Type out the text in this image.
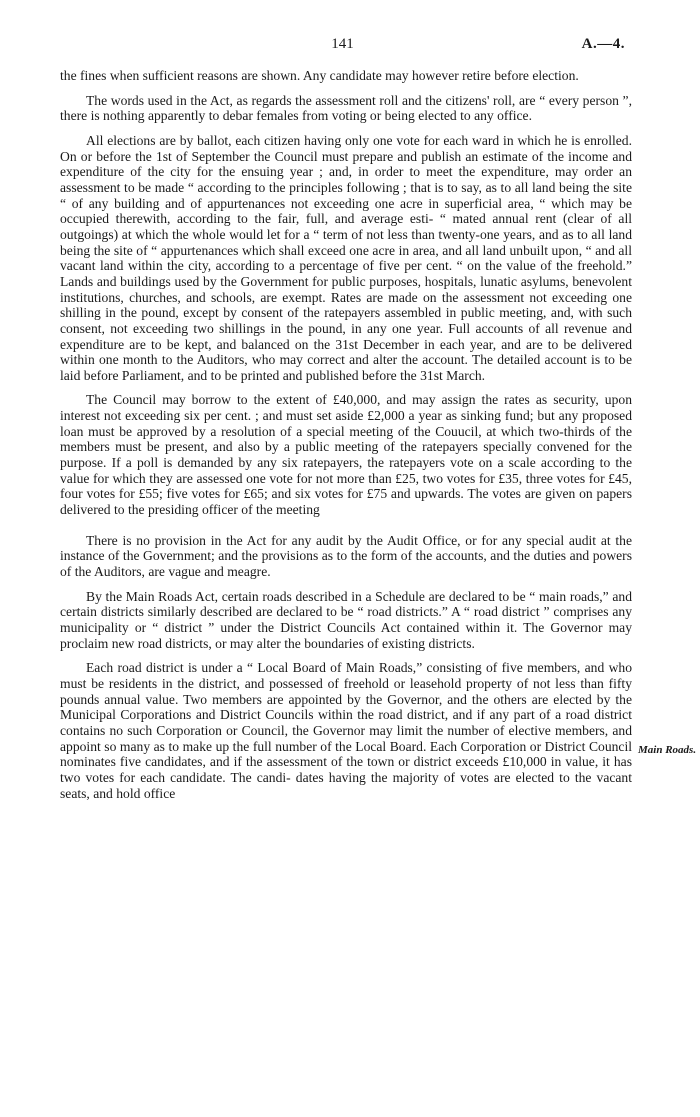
141	A.—4.

the fines when sufficient reasons are shown. Any candidate may however retire before election.

The words used in the Act, as regards the assessment roll and the citizens' roll, are “ every person ”, there is nothing apparently to debar females from voting or being elected to any office.

All elections are by ballot, each citizen having only one vote for each ward in which he is enrolled. On or before the 1st of September the Council must prepare and publish an estimate of the income and expenditure of the city for the ensuing year ; and, in order to meet the expenditure, may order an assessment to be made “ according to the principles following ; that is to say, as to all land being the site “ of any building and of appurtenances not exceeding one acre in superficial area, “ which may be occupied therewith, according to the fair, full, and average esti- “ mated annual rent (clear of all outgoings) at which the whole would let for a “ term of not less than twenty-one years, and as to all land being the site of “ appurtenances which shall exceed one acre in area, and all land unbuilt upon, “ and all vacant land within the city, according to a percentage of five per cent. “ on the value of the freehold.” Lands and buildings used by the Government for public purposes, hospitals, lunatic asylums, benevolent institutions, churches, and schools, are exempt. Rates are made on the assessment not exceeding one shilling in the pound, except by consent of the ratepayers assembled in public meeting, and, with such consent, not exceeding two shillings in the pound, in any one year. Full accounts of all revenue and expenditure are to be kept, and balanced on the 31st December in each year, and are to be delivered within one month to the Auditors, who may correct and alter the account. The detailed account is to be laid before Parliament, and to be printed and published before the 31st March.

The Council may borrow to the extent of £40,000, and may assign the rates as security, upon interest not exceeding six per cent. ; and must set aside £2,000 a year as sinking fund; but any proposed loan must be approved by a resolution of a special meeting of the Couucil, at which two-thirds of the members must be present, and also by a public meeting of the ratepayers specially convened for the purpose. If a poll is demanded by any six ratepayers, the ratepayers vote on a scale according to the value for which they are assessed one vote for not more than £25, two votes for £35, three votes for £45, four votes for £55; five votes for £65; and six votes for £75 and upwards. The votes are given on papers delivered to the presiding officer of the meeting

There is no provision in the Act for any audit by the Audit Office, or for any special audit at the instance of the Government; and the provisions as to the form of the accounts, and the duties and powers of the Auditors, are vague and meagre.

By the Main Roads Act, certain roads described in a Schedule are declared to be “ main roads,” and certain districts similarly described are declared to be “ road districts.” A “ road district ” comprises any municipality or “ district ” under the District Councils Act contained within it. The Governor may proclaim new road districts, or may alter the boundaries of existing districts.

Each road district is under a “ Local Board of Main Roads,” consisting of five members, and who must be residents in the district, and possessed of freehold or leasehold property of not less than fifty pounds annual value. Two members are appointed by the Governor, and the others are elected by the Municipal Corporations and District Councils within the road district, and if any part of a road district contains no such Corporation or Council, the Governor may limit the number of elective members, and appoint so many as to make up the full number of the Local Board. Each Corporation or District Council nominates five candidates, and if the assessment of the town or district exceeds £10,000 in value, it has two votes for each candidate. The candi- dates having the majority of votes are elected to the vacant seats, and hold office

Main Roads.
